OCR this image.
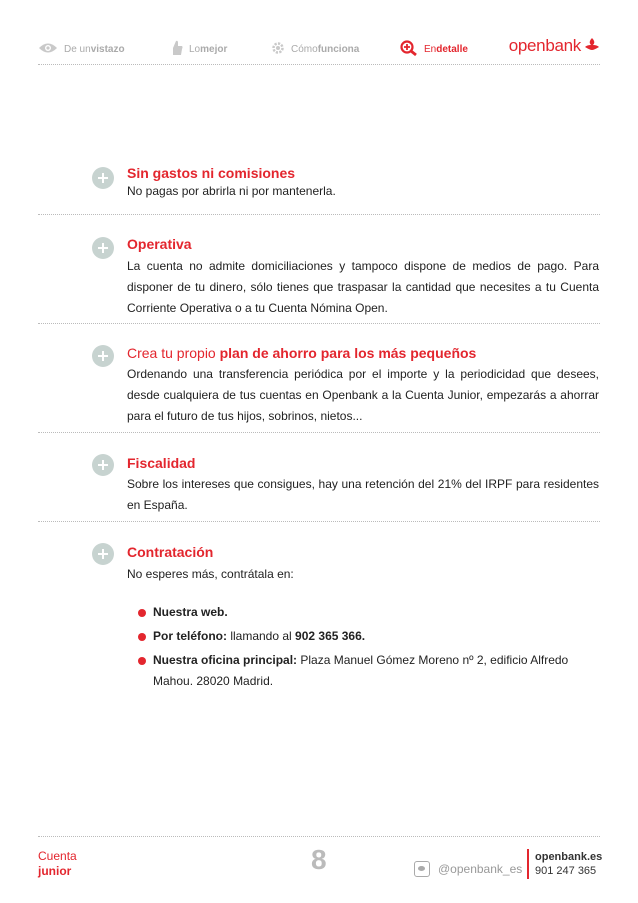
De un vistazo	Lo mejor	Cómo funciona	En detalle open bank
Sin gastos ni comisiones
No pagas por abrirla ni por mantenerla.
Operativa
La cuenta no admite domiciliaciones y tampoco dispone de medios de pago. Para disponer de tu dinero, sólo tienes que traspasar la cantidad que necesites a tu Cuenta Corriente Operativa o a tu Cuenta Nómina Open.
Crea tu propio plan de ahorro para los más pequeños
Ordenando una transferencia periódica por el importe y la periodicidad que desees, desde cualquiera de tus cuentas en Openbank a la Cuenta Junior, empezarás a ahorrar para el futuro de tus hijos, sobrinos, nietos...
Fiscalidad
Sobre los intereses que consigues, hay una retención del 21% del IRPF para residentes en España.
Contratación
No esperes más, contrátala en:
Nuestra web.
Por teléfono: llamando al 902 365 366.
Nuestra oficina principal: Plaza Manuel Gómez Moreno nº 2, edificio Alfredo Mahou. 28020 Madrid.
Cuenta
junior	8	@openbank_es
openbank.es
901 247 365
